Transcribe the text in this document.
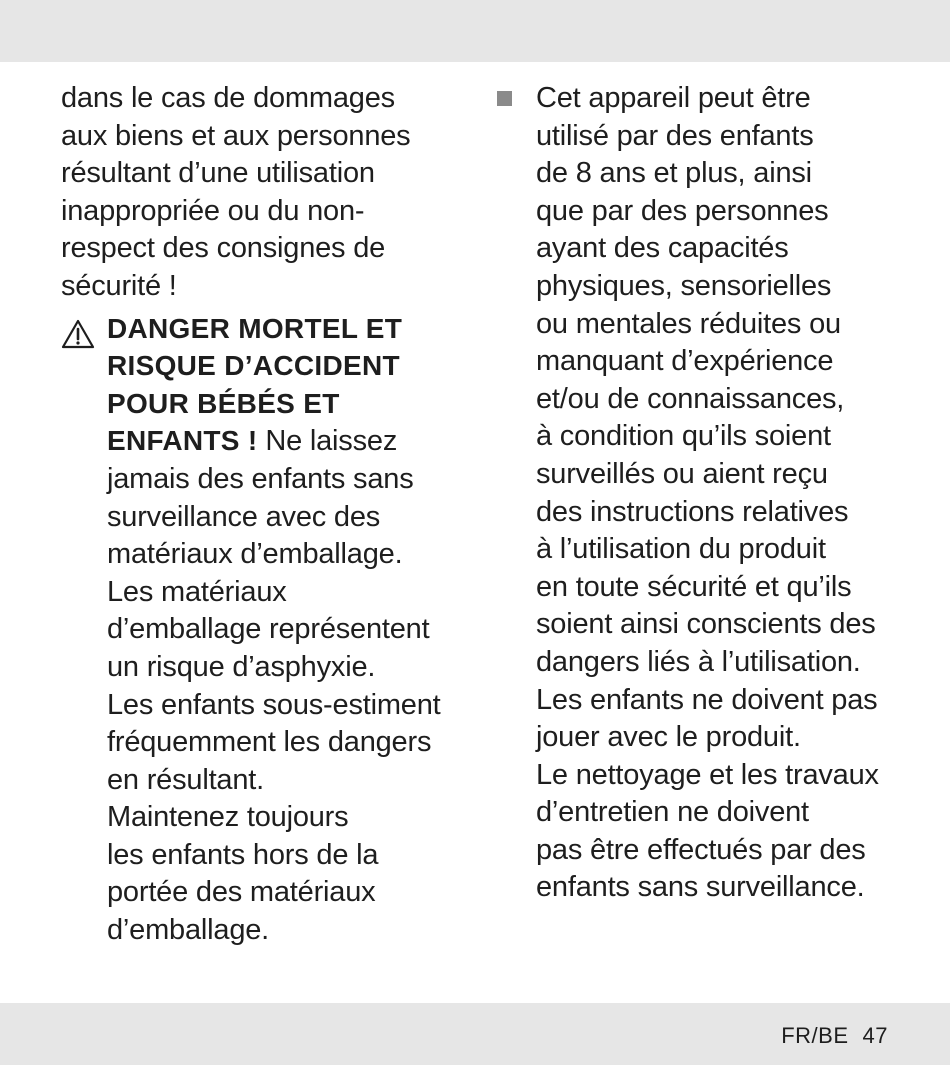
dans le cas de dommages
aux biens et aux personnes
résultant d’une utilisation
inappropriée ou du non-
respect des consignes de
sécurité !
DANGER MORTEL ET
RISQUE D’ACCIDENT
POUR BÉBÉS ET
ENFANTS ! Ne laissez
jamais des enfants sans
surveillance avec des
matériaux d’emballage.
Les matériaux
d’emballage représentent
un risque d’asphyxie.
Les enfants sous-estiment
fréquemment les dangers
en résultant.
Maintenez toujours
les enfants hors de la
portée des matériaux
d’emballage.
Cet appareil peut être
utilisé par des enfants
de 8 ans et plus, ainsi
que par des personnes
ayant des capacités
physiques, sensorielles
ou mentales réduites ou
manquant d’expérience
et/ou de connaissances,
à condition qu’ils soient
surveillés ou aient reçu
des instructions relatives
à l’utilisation du produit
en toute sécurité et qu’ils
soient ainsi conscients des
dangers liés à l’utilisation.
Les enfants ne doivent pas
jouer avec le produit.
Le nettoyage et les travaux
d’entretien ne doivent
pas être effectués par des
enfants sans surveillance.
FR/BE 47
